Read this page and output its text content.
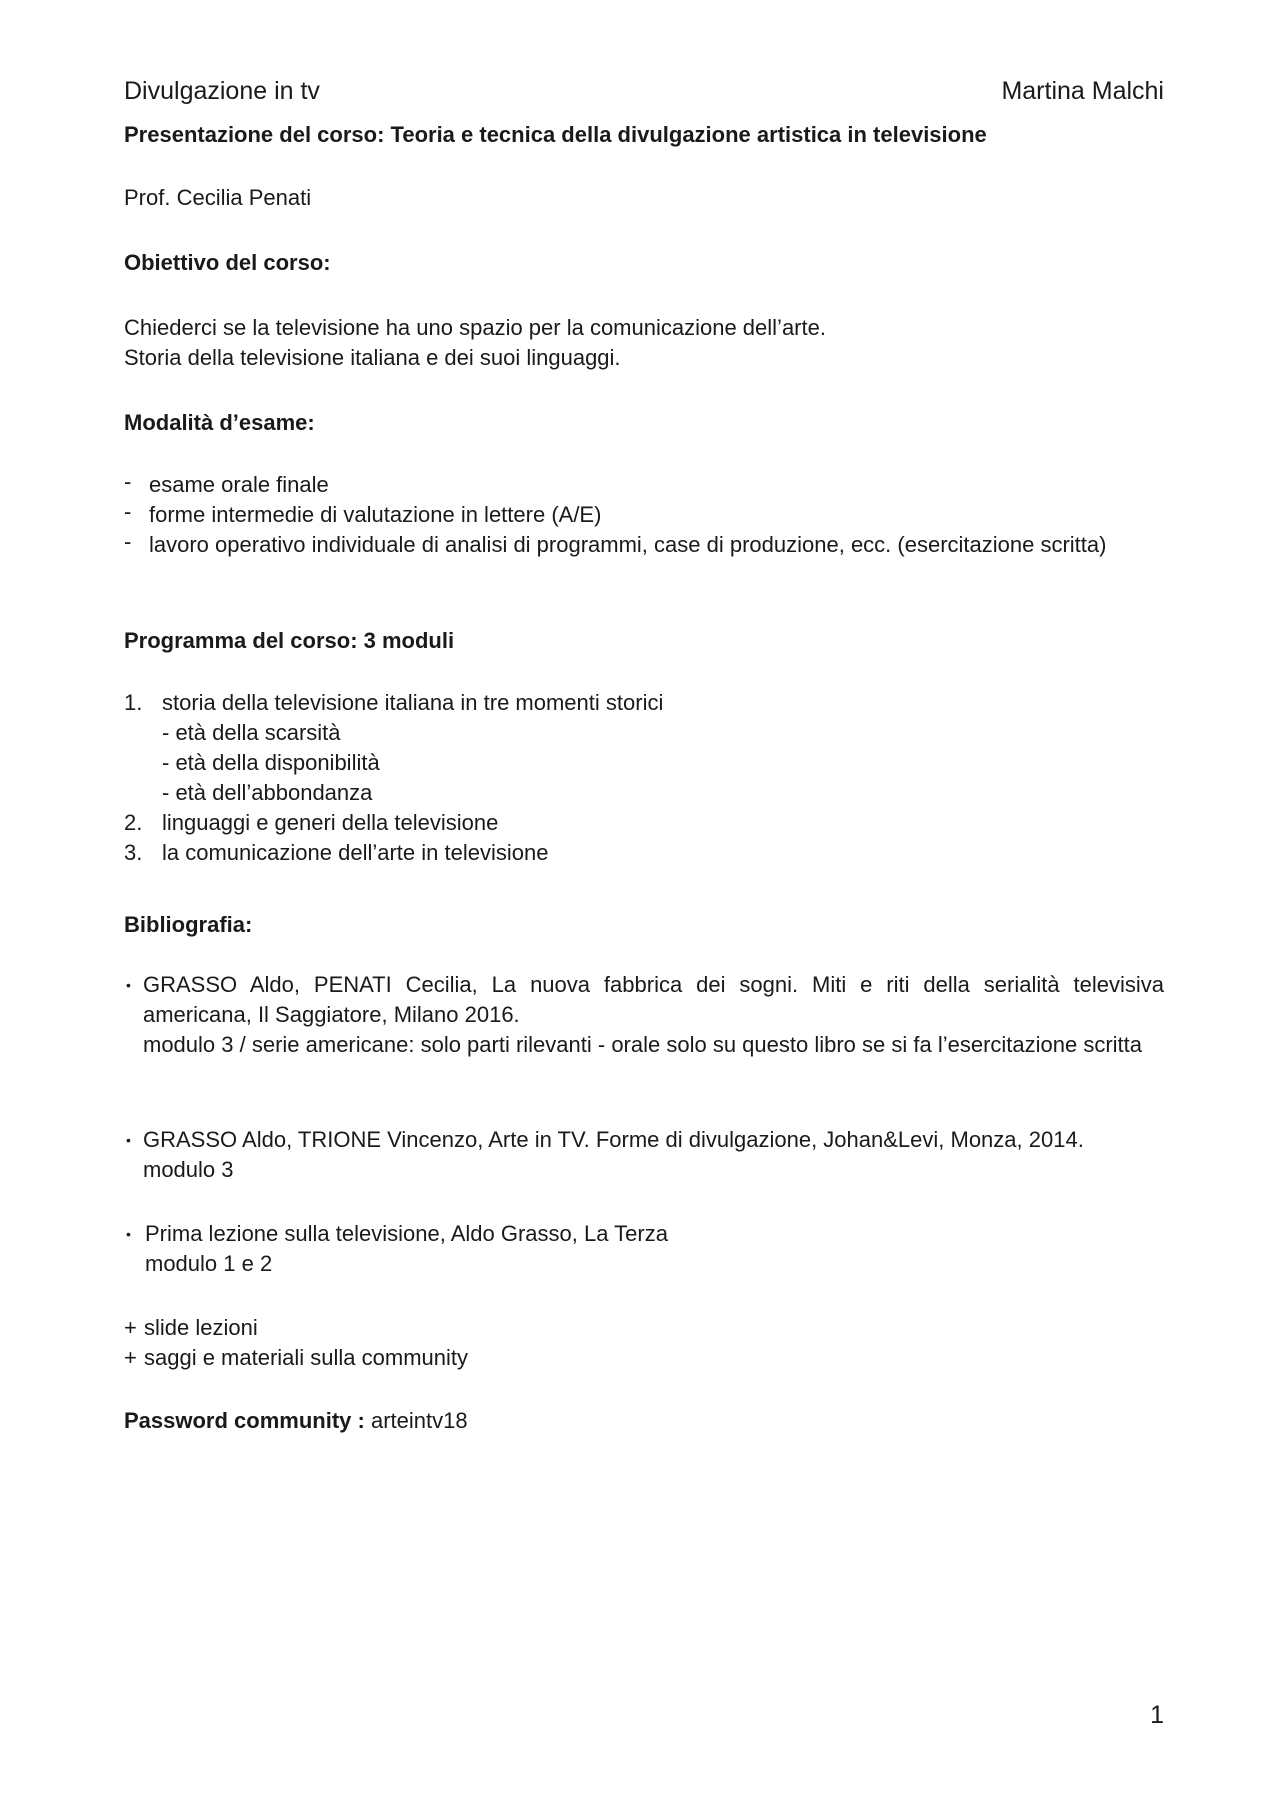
Divulgazione in tv	Martina Malchi
Presentazione del corso: Teoria e tecnica della divulgazione artistica in televisione
Prof. Cecilia Penati
Obiettivo del corso:
Chiederci se la televisione ha uno spazio per la comunicazione dell’arte.
Storia della televisione italiana e dei suoi linguaggi.
Modalità d’esame:
- esame orale finale
- forme intermedie di valutazione in lettere (A/E)
- lavoro operativo individuale di analisi di programmi, case di produzione, ecc. (esercitazione scritta)
Programma del corso: 3 moduli
1. storia della televisione italiana in tre momenti storici
- età della scarsità
- età della disponibilità
- età dell’abbondanza
2. linguaggi e generi della televisione
3. la comunicazione dell’arte in televisione
Bibliografia:
• GRASSO Aldo, PENATI Cecilia, La nuova fabbrica dei sogni. Miti e riti della serialità televisiva americana, Il Saggiatore, Milano 2016.
modulo 3 / serie americane: solo parti rilevanti - orale solo su questo libro se si fa l’esercitazione scritta
• GRASSO Aldo, TRIONE Vincenzo, Arte in TV. Forme di divulgazione, Johan&Levi, Monza, 2014.
modulo 3
• Prima lezione sulla televisione, Aldo Grasso, La Terza
modulo 1 e 2
+ slide lezioni
+ saggi e materiali sulla community
Password community : arteintv18
1
